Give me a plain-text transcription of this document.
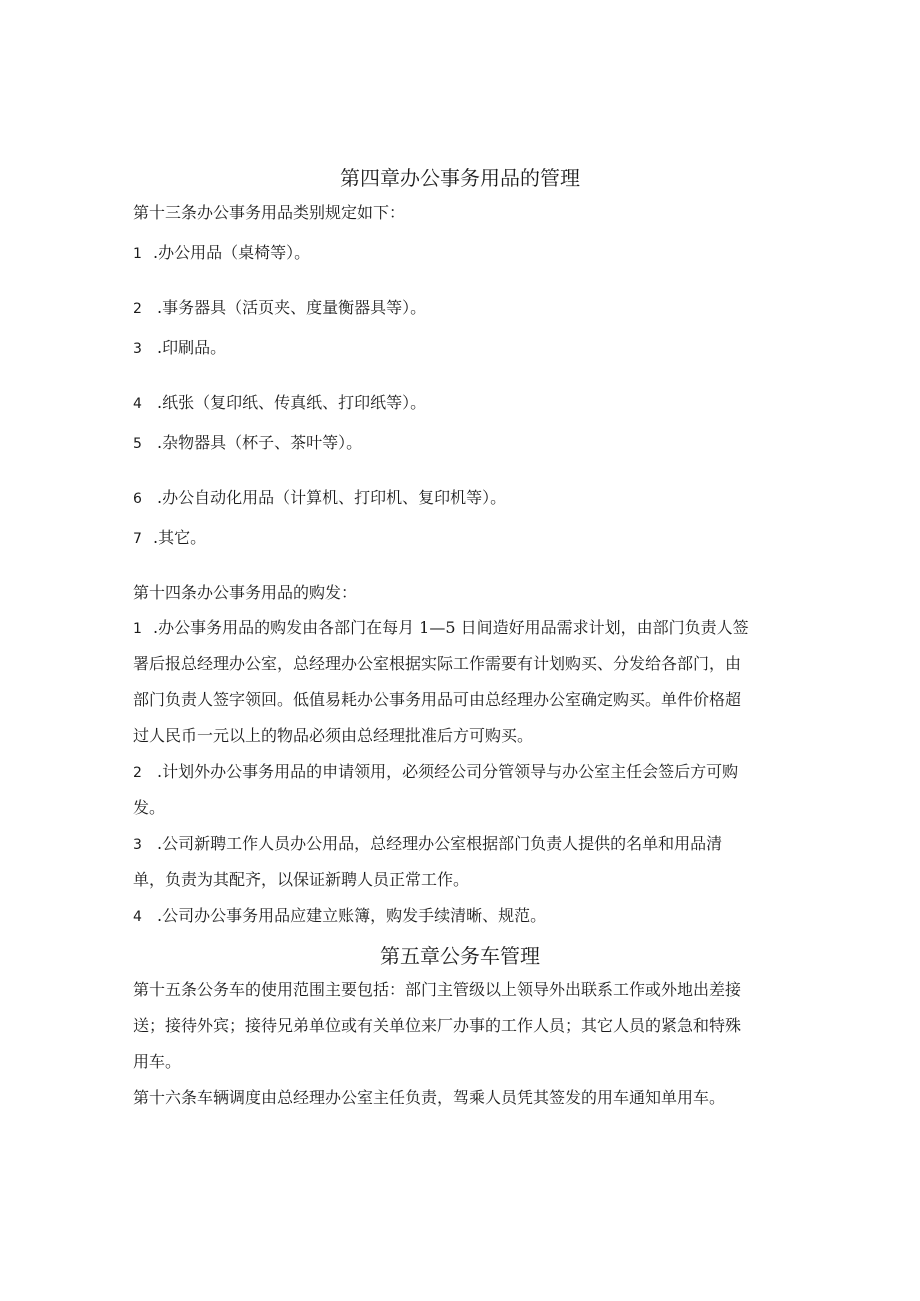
第四章办公事务用品的管理
第十三条办公事务用品类别规定如下：
1 .办公用品（桌椅等）。
2 .事务器具（活页夹、度量衡器具等）。
3 .印刷品。
4 .纸张（复印纸、传真纸、打印纸等）。
5 .杂物器具（杯子、茶叶等）。
6 .办公自动化用品（计算机、打印机、复印机等）。
7 .其它。
第十四条办公事务用品的购发：
1 .办公事务用品的购发由各部门在每月 1—5 日间造好用品需求计划，由部门负责人签
署后报总经理办公室，总经理办公室根据实际工作需要有计划购买、分发给各部门，由
部门负责人签字领回。低值易耗办公事务用品可由总经理办公室确定购买。单件价格超
过人民币一元以上的物品必须由总经理批准后方可购买。
2 .计划外办公事务用品的申请领用，必须经公司分管领导与办公室主任会签后方可购
发。
3 .公司新聘工作人员办公用品，总经理办公室根据部门负责人提供的名单和用品清
单，负责为其配齐，以保证新聘人员正常工作。
4 .公司办公事务用品应建立账簿，购发手续清晰、规范。
第五章公务车管理
第十五条公务车的使用范围主要包括：部门主管级以上领导外出联系工作或外地出差接
送；接待外宾；接待兄弟单位或有关单位来厂办事的工作人员；其它人员的紧急和特殊
用车。
第十六条车辆调度由总经理办公室主任负责，驾乘人员凭其签发的用车通知单用车。
